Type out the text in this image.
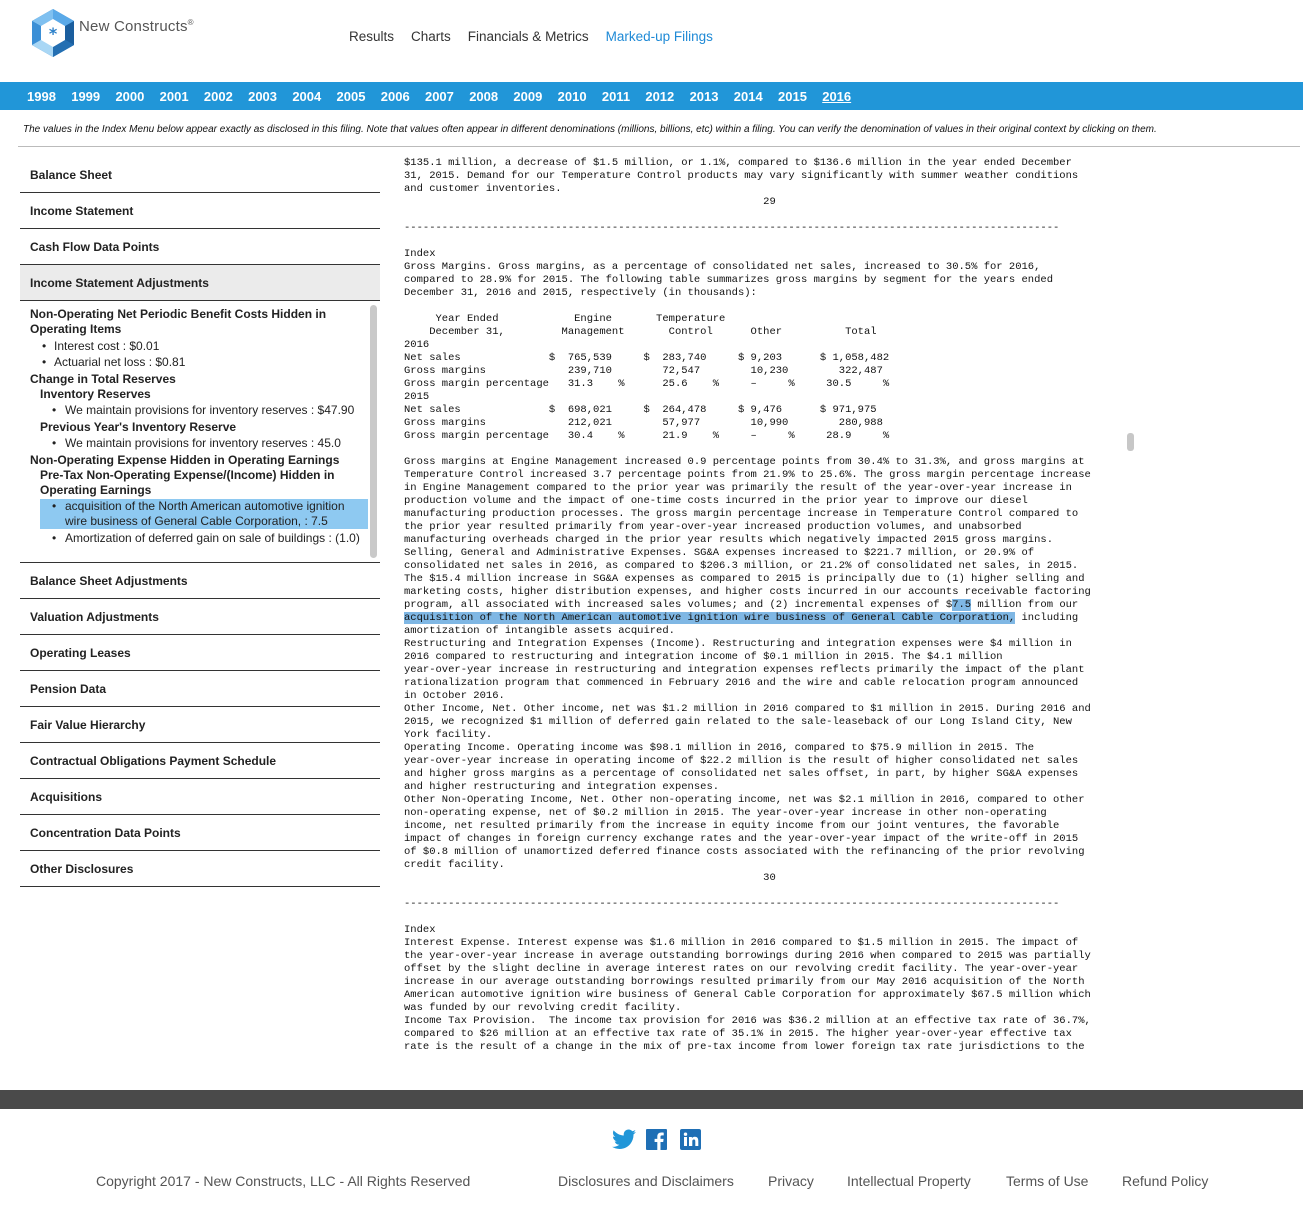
* New Constructs®
Results Charts Financials & Metrics Marked-up Filings
1998 1999 2000 2001 2002 2003 2004 2005 2006 2007 2008 2009 2010 2011 2012 2013 2014 2015 2016
The values in the Index Menu below appear exactly as disclosed in this filing. Note that values often appear in different denominations (millions, billions, etc) within a filing. You can verify the denomination of values in their original context by clicking on them.
Balance Sheet
Income Statement
Cash Flow Data Points
Income Statement Adjustments
Non-Operating Net Periodic Benefit Costs Hidden in Operating Items
• Interest cost : $0.01
• Actuarial net loss : $0.81
Change in Total Reserves
Inventory Reserves
• We maintain provisions for inventory reserves : $47.90
Previous Year's Inventory Reserve
• We maintain provisions for inventory reserves : 45.0
Non-Operating Expense Hidden in Operating Earnings
Pre-Tax Non-Operating Expense/(Income) Hidden in Operating Earnings
• acquisition of the North American automotive ignition wire business of General Cable Corporation, : 7.5
• Amortization of deferred gain on sale of buildings : (1.0)
Balance Sheet Adjustments
Valuation Adjustments
Operating Leases
Pension Data
Fair Value Hierarchy
Contractual Obligations Payment Schedule
Acquisitions
Concentration Data Points
Other Disclosures
$135.1 million, a decrease of $1.5 million, or 1.1%, compared to $136.6 million in the year ended December
31, 2015. Demand for our Temperature Control products may vary significantly with summer weather conditions
and customer inventories.
29

--------------------------------------------------------------------------------------------------------

Index
Gross Margins. Gross margins, as a percentage of consolidated net sales, increased to 30.5% for 2016,
compared to 28.9% for 2015. The following table summarizes gross margins by segment for the years ended
December 31, 2016 and 2015, respectively (in thousands):

Year Ended            Engine       Temperature
December 31,         Management       Control      Other          Total
2016
Net sales              $  765,539     $  283,740     $ 9,203      $ 1,058,482
Gross margins             239,710        72,547        10,230        322,487
Gross margin percentage   31.3    %      25.6    %     –     %     30.5     %
2015
Net sales              $  698,021     $  264,478     $ 9,476      $ 971,975
Gross margins             212,021        57,977        10,990        280,988
Gross margin percentage   30.4    %      21.9    %     –     %     28.9     %

Gross margins at Engine Management increased 0.9 percentage points from 30.4% to 31.3%, and gross margins at
Temperature Control increased 3.7 percentage points from 21.9% to 25.6%. The gross margin percentage increase
in Engine Management compared to the prior year was primarily the result of the year-over-year increase in
production volume and the impact of one-time costs incurred in the prior year to improve our diesel
manufacturing production processes. The gross margin percentage increase in Temperature Control compared to
the prior year resulted primarily from year-over-year increased production volumes, and unabsorbed
manufacturing overheads charged in the prior year results which negatively impacted 2015 gross margins.
Selling, General and Administrative Expenses. SG&A expenses increased to $221.7 million, or 20.9% of
consolidated net sales in 2016, as compared to $206.3 million, or 21.2% of consolidated net sales, in 2015.
The $15.4 million increase in SG&A expenses as compared to 2015 is principally due to (1) higher selling and
marketing costs, higher distribution expenses, and higher costs incurred in our accounts receivable factoring
program, all associated with increased sales volumes; and (2) incremental expenses of $7.5 million from our
acquisition of the North American automotive ignition wire business of General Cable Corporation, including
amortization of intangible assets acquired.
Restructuring and Integration Expenses (Income). Restructuring and integration expenses were $4 million in
2016 compared to restructuring and integration income of $0.1 million in 2015. The $4.1 million
year-over-year increase in restructuring and integration expenses reflects primarily the impact of the plant
rationalization program that commenced in February 2016 and the wire and cable relocation program announced
in October 2016.
Other Income, Net. Other income, net was $1.2 million in 2016 compared to $1 million in 2015. During 2016 and
2015, we recognized $1 million of deferred gain related to the sale-leaseback of our Long Island City, New
York facility.
Operating Income. Operating income was $98.1 million in 2016, compared to $75.9 million in 2015. The
year-over-year increase in operating income of $22.2 million is the result of higher consolidated net sales
and higher gross margins as a percentage of consolidated net sales offset, in part, by higher SG&A expenses
and higher restructuring and integration expenses.
Other Non-Operating Income, Net. Other non-operating income, net was $2.1 million in 2016, compared to other
non-operating expense, net of $0.2 million in 2015. The year-over-year increase in other non-operating
income, net resulted primarily from the increase in equity income from our joint ventures, the favorable
impact of changes in foreign currency exchange rates and the year-over-year impact of the write-off in 2015
of $0.8 million of unamortized deferred finance costs associated with the refinancing of the prior revolving
credit facility.
30

--------------------------------------------------------------------------------------------------------

Index
Interest Expense. Interest expense was $1.6 million in 2016 compared to $1.5 million in 2015. The impact of
the year-over-year increase in average outstanding borrowings during 2016 when compared to 2015 was partially
offset by the slight decline in average interest rates on our revolving credit facility. The year-over-year
increase in our average outstanding borrowings resulted primarily from our May 2016 acquisition of the North
American automotive ignition wire business of General Cable Corporation for approximately $67.5 million which
was funded by our revolving credit facility.
Income Tax Provision.  The income tax provision for 2016 was $36.2 million at an effective tax rate of 36.7%,
compared to $26 million at an effective tax rate of 35.1% in 2015. The higher year-over-year effective tax
rate is the result of a change in the mix of pre-tax income from lower foreign tax rate jurisdictions to the
Copyright 2017 - New Constructs, LLC - All Rights Reserved	Disclosures and Disclaimers Privacy Intellectual Property	Terms of Use Refund Policy
